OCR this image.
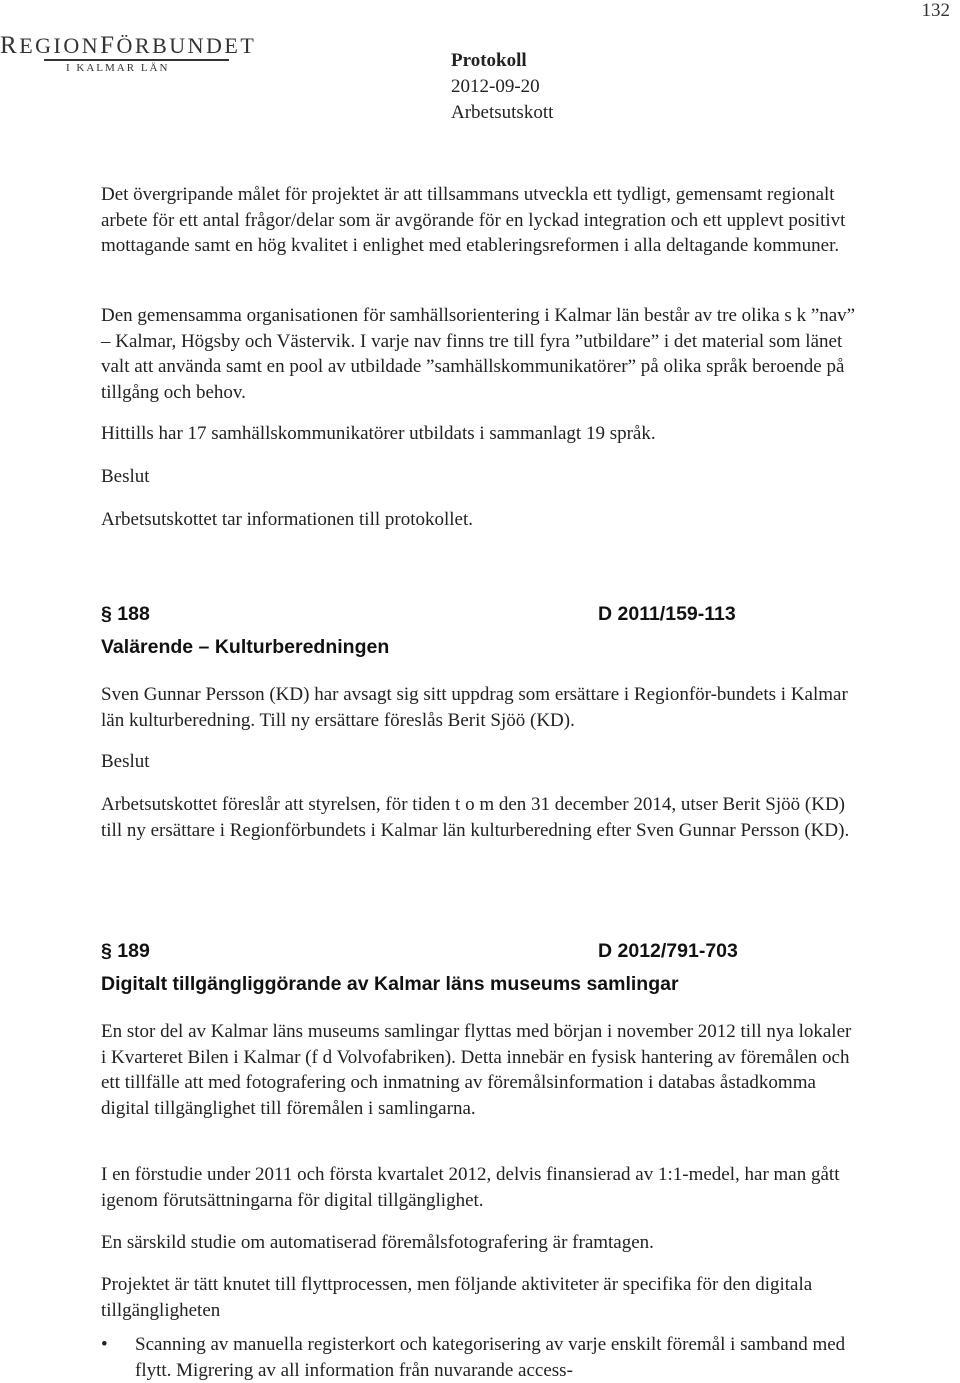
132
REGIONFÖRBUNDET
I KALMAR LÄN	Protokoll
2012-09-20
Arbetsutskott
Det övergripande målet för projektet är att tillsammans utveckla ett tydligt, gemensamt regionalt arbete för ett antal frågor/delar som är avgörande för en lyckad integration och ett upplevt positivt mottagande samt en hög kvalitet i enlighet med etableringsreformen i alla deltagande kommuner.
Den gemensamma organisationen för samhällsorientering i Kalmar län består av tre olika s k ”nav” – Kalmar, Högsby och Västervik. I varje nav finns tre till fyra ”utbildare” i det material som länet valt att använda samt en pool av utbildade ”samhällskommunikatörer” på olika språk beroende på tillgång och behov.
Hittills har 17 samhällskommunikatörer utbildats i sammanlagt 19 språk.
Beslut
Arbetsutskottet tar informationen till protokollet.
§ 188	D 2011/159-113
Valärende – Kulturberedningen
Sven Gunnar Persson (KD) har avsagt sig sitt uppdrag som ersättare i Regionför-bundets i Kalmar län kulturberedning. Till ny ersättare föreslås Berit Sjöö (KD).
Beslut
Arbetsutskottet föreslår att styrelsen, för tiden t o m den 31 december 2014, utser Berit Sjöö (KD) till ny ersättare i Regionförbundets i Kalmar län kulturberedning efter Sven Gunnar Persson (KD).
§ 189	D 2012/791-703
Digitalt tillgängliggörande av Kalmar läns museums samlingar
En stor del av Kalmar läns museums samlingar flyttas med början i november 2012 till nya lokaler i Kvarteret Bilen i Kalmar (f d Volvofabriken). Detta innebär en fysisk hantering av föremålen och ett tillfälle att med fotografering och inmatning av föremålsinformation i databas åstadkomma digital tillgänglighet till föremålen i samlingarna.
I en förstudie under 2011 och första kvartalet 2012, delvis finansierad av 1:1-medel, har man gått igenom förutsättningarna för digital tillgänglighet.
En särskild studie om automatiserad föremålsfotografering är framtagen.
Projektet är tätt knutet till flyttprocessen, men följande aktiviteter är specifika för den digitala tillgängligheten
• Scanning av manuella registerkort och kategorisering av varje enskilt föremål i samband med flytt. Migrering av all information från nuvarande access-
